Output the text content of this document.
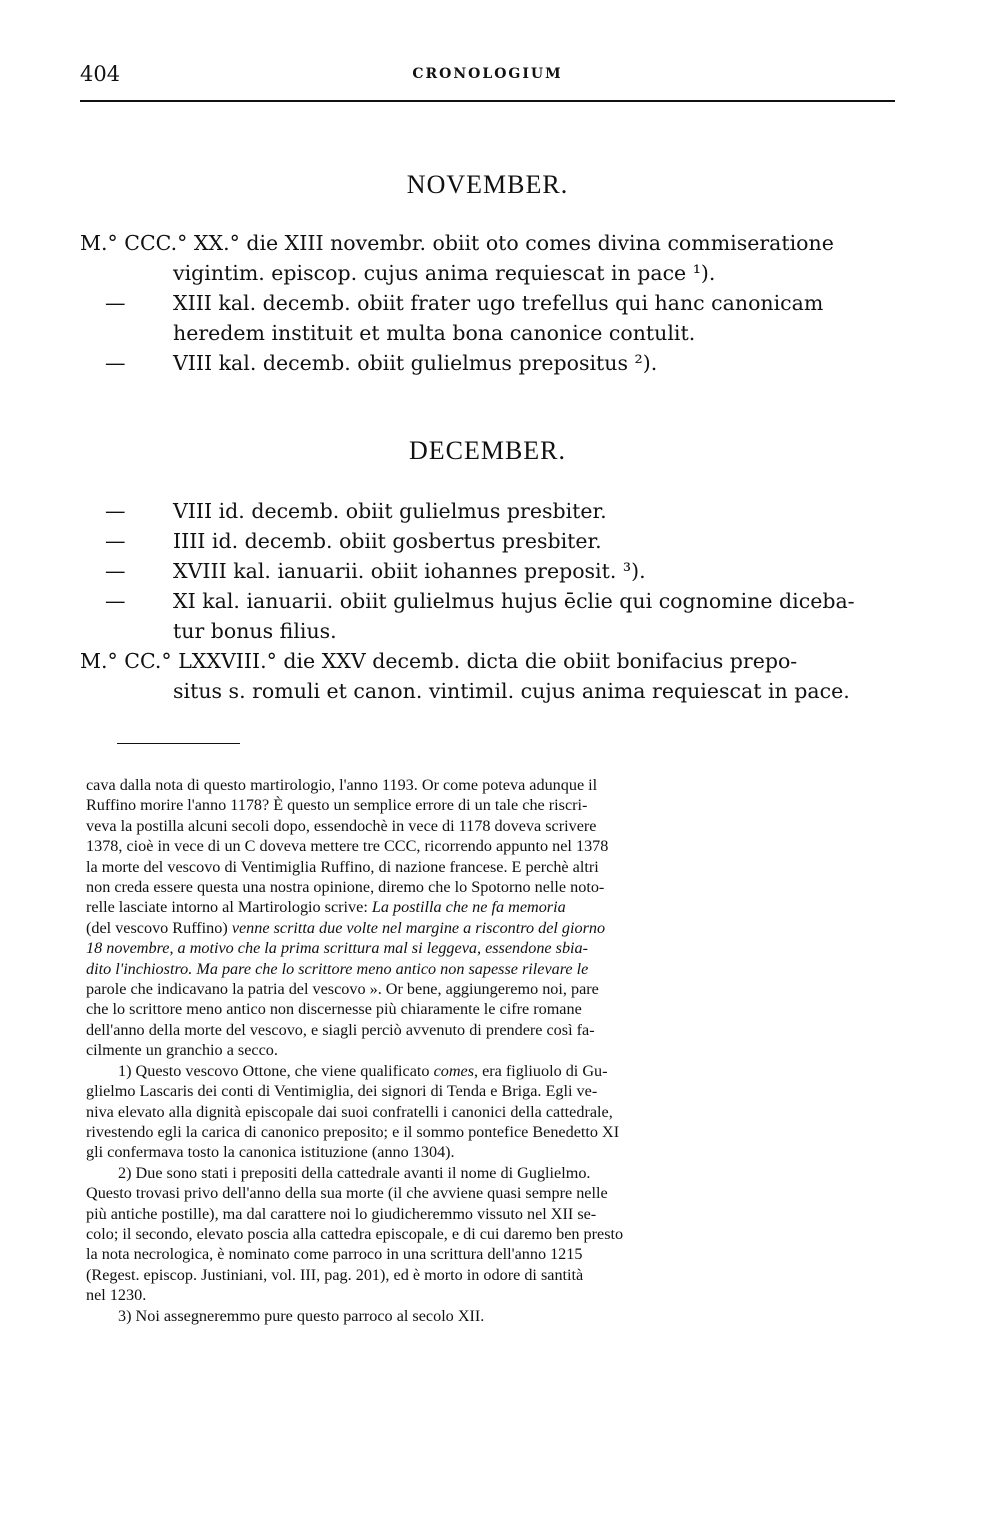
404	CRONOLOGIUM
NOVEMBER.

M.° CCC.° XX.° die XIII novembr. obiit oto comes divina commiseratione
vigintim. episcop. cujus anima requiescat in pace ¹).

— XIII kal. decemb. obiit frater ugo trefellus qui hanc canonicam
heredem instituit et multa bona canonice contulit.

— VIII kal. decemb. obiit gulielmus prepositus ²).

DECEMBER.

— VIII id. decemb. obiit gulielmus presbiter.

— IIII id. decemb. obiit gosbertus presbiter.

— XVIII kal. ianuarii. obiit iohannes preposit. ³).

— XI kal. ianuarii. obiit gulielmus hujus ēclie qui cognomine diceba-
tur bonus filius.

M.° CC.° LXXVIII.° die XXV decemb. dicta die obiit bonifacius prepo-
situs s. romuli et canon. vintimil. cujus anima requiescat in pace.

cava dalla nota di questo martirologio, l'anno 1193. Or come poteva adunque il
Ruffino morire l'anno 1178? È questo un semplice errore di un tale che riscri-
veva la postilla alcuni secoli dopo, essendochè in vece di 1178 doveva scrivere
1378, cioè in vece di un C doveva mettere tre CCC, ricorrendo appunto nel 1378
la morte del vescovo di Ventimiglia Ruffino, di nazione francese. E perchè altri
non creda essere questa una nostra opinione, diremo che lo Spotorno nelle noto-
relle lasciate intorno al Martirologio scrive: La postilla che ne fa memoria
(del vescovo Ruffino) venne scritta due volte nel margine a riscontro del giorno
18 novembre, a motivo che la prima scrittura mal si leggeva, essendone sbia-
dito l'inchiostro. Ma pare che lo scrittore meno antico non sapesse rilevare le
parole che indicavano la patria del vescovo ». Or bene, aggiungeremo noi, pare
che lo scrittore meno antico non discernesse più chiaramente le cifre romane
dell'anno della morte del vescovo, e siagli perciò avvenuto di prendere così fa-
cilmente un granchio a secco.
1) Questo vescovo Ottone, che viene qualificato comes, era figliuolo di Gu-
glielmo Lascaris dei conti di Ventimiglia, dei signori di Tenda e Briga. Egli ve-
niva elevato alla dignità episcopale dai suoi confratelli i canonici della cattedrale,
rivestendo egli la carica di canonico preposito; e il sommo pontefice Benedetto XI
gli confermava tosto la canonica istituzione (anno 1304).
2) Due sono stati i prepositi della cattedrale avanti il nome di Guglielmo.
Questo trovasi privo dell'anno della sua morte (il che avviene quasi sempre nelle
più antiche postille), ma dal carattere noi lo giudicheremmo vissuto nel XII se-
colo; il secondo, elevato poscia alla cattedra episcopale, e di cui daremo ben presto
la nota necrologica, è nominato come parroco in una scrittura dell'anno 1215
(Regest. episcop. Justiniani, vol. III, pag. 201), ed è morto in odore di santità
nel 1230.
3) Noi assegneremmo pure questo parroco al secolo XII.
